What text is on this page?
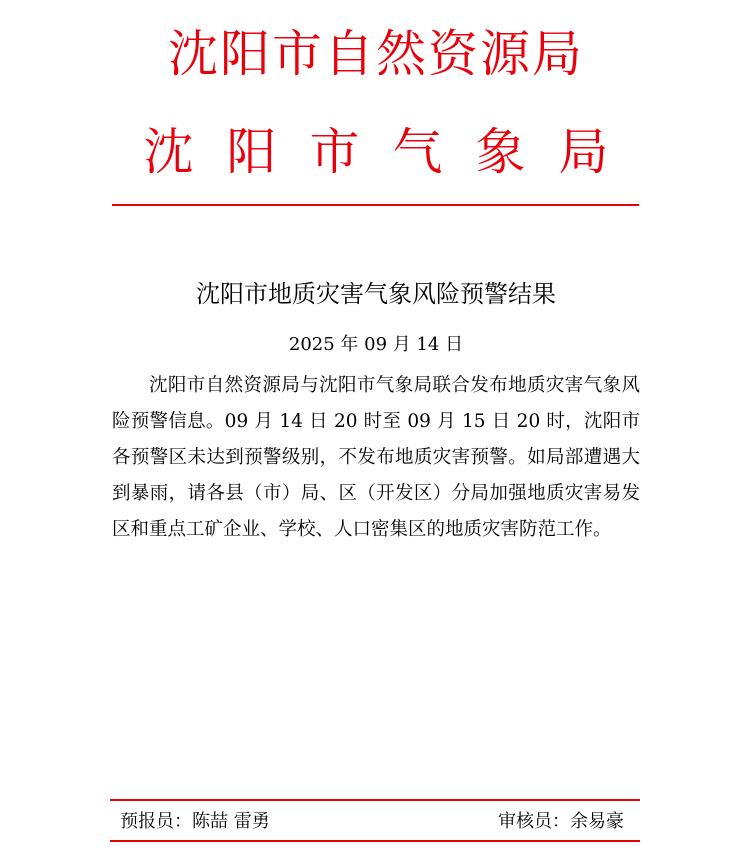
沈阳市自然资源局
沈阳市气象局
沈阳市地质灾害气象风险预警结果
2025 年 09 月 14 日

沈阳市自然资源局与沈阳市气象局联合发布地质灾害气象风险预警信息。09 月 14 日 20 时至 09 月 15 日 20 时，沈阳市各预警区未达到预警级别，不发布地质灾害预警。如局部遭遇大到暴雨，请各县（市）局、区（开发区）分局加强地质灾害易发区和重点工矿企业、学校、人口密集区的地质灾害防范工作。

预报员：陈喆 雷勇	审核员：余易豪
